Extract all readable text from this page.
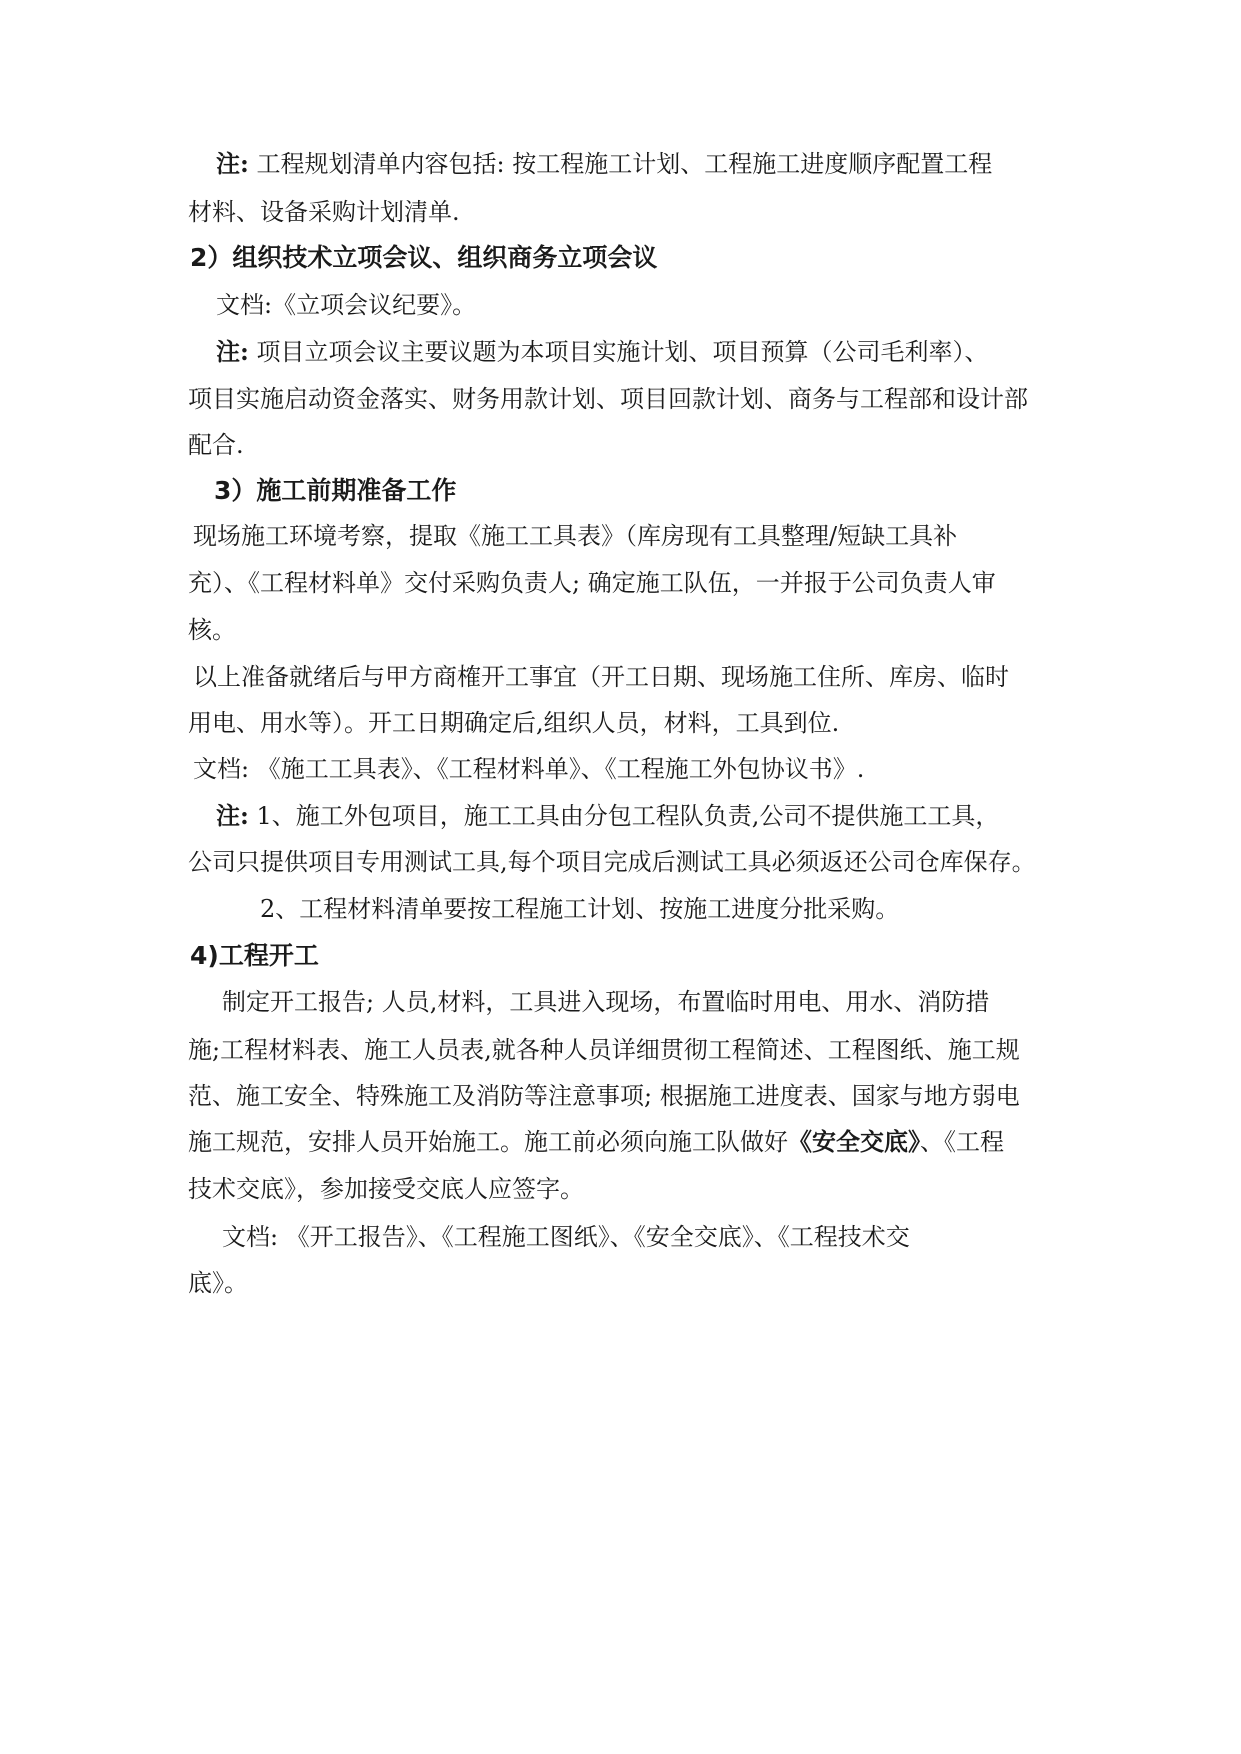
注: 工程规划清单内容包括: 按工程施工计划、工程施工进度顺序配置工程
材料、设备采购计划清单.
2）组织技术立项会议、组织商务立项会议
文档:《立项会议纪要》。
注: 项目立项会议主要议题为本项目实施计划、项目预算（公司毛利率）、
项目实施启动资金落实、财务用款计划、项目回款计划、商务与工程部和设计部
配合.
3）施工前期准备工作
现场施工环境考察，提取《施工工具表》（库房现有工具整理/短缺工具补
充）、《工程材料单》交付采购负责人; 确定施工队伍，一并报于公司负责人审
核。
以上准备就绪后与甲方商榷开工事宜（开工日期、现场施工住所、库房、临时
用电、用水等）。开工日期确定后,组织人员，材料，工具到位.
文档: 《施工工具表》、《工程材料单》、《工程施工外包协议书》.
注: 1、施工外包项目，施工工具由分包工程队负责,公司不提供施工工具，
公司只提供项目专用测试工具,每个项目完成后测试工具必须返还公司仓库保存。
2、工程材料清单要按工程施工计划、按施工进度分批采购。
4)工程开工
制定开工报告; 人员,材料，工具进入现场，布置临时用电、用水、消防措
施;工程材料表、施工人员表,就各种人员详细贯彻工程简述、工程图纸、施工规
范、施工安全、特殊施工及消防等注意事项; 根据施工进度表、国家与地方弱电
施工规范，安排人员开始施工。施工前必须向施工队做好《安全交底》、《工程
技术交底》，参加接受交底人应签字。
文档: 《开工报告》、《工程施工图纸》、《安全交底》、《工程技术交
底》。
